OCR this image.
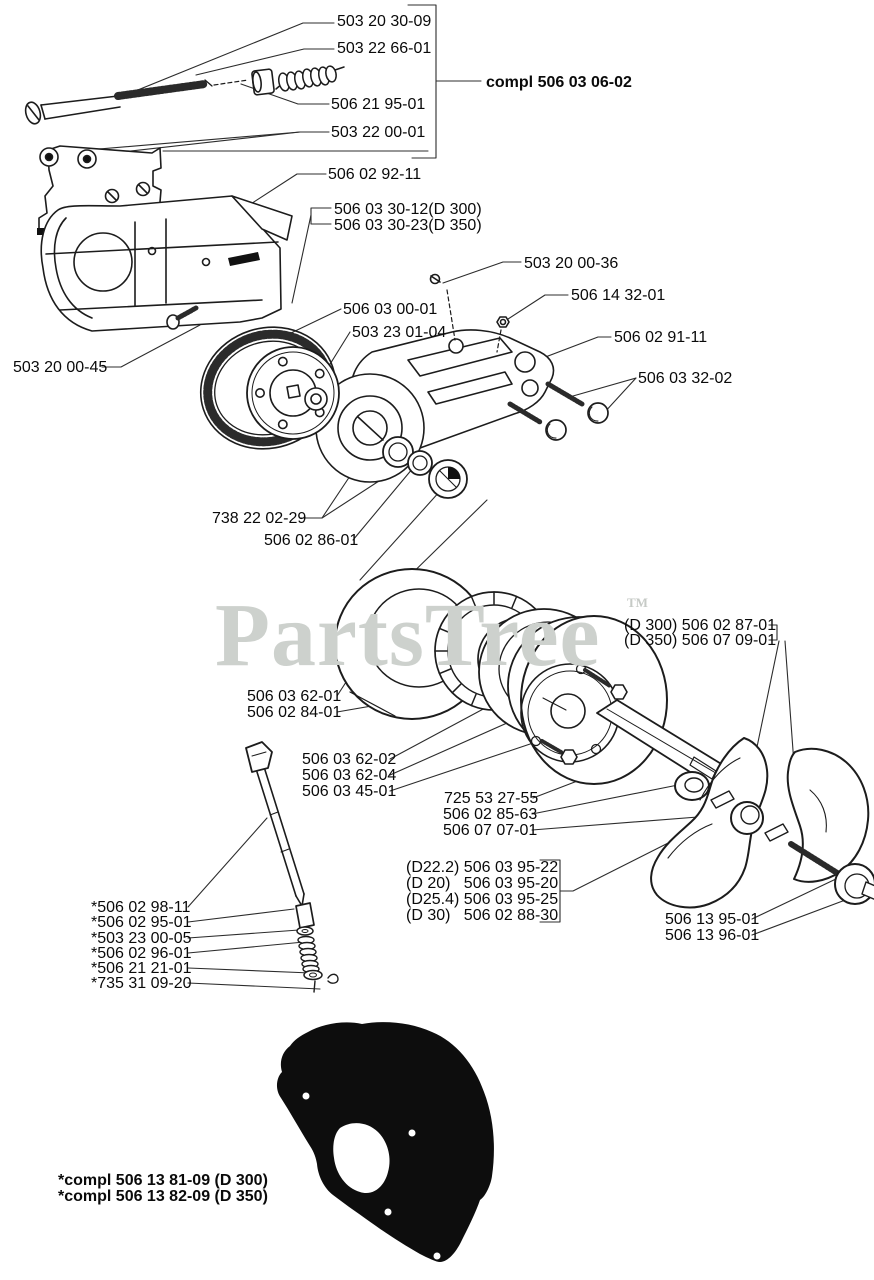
PartsTree TM
503 20 30-09
503 22 66-01
compl 506 03 06-02
506 21 95-01
503 22 00-01
506 02 92-11
506 03 30-12(D 300)
506 03 30-23(D 350)
503 20 00-36
506 14 32-01
506 02 91-11
506 03 32-02
506 03 00-01
503 23 01-04
503 20 00-45
738 22 02-29
506 02 86-01
(D 300) 506 02 87-01
(D 350) 506 07 09-01
506 03 62-01
506 02 84-01
506 03 62-02
506 03 62-04
506 03 45-01	725 53 27-55
506 02 85-63
506 07 07-01
(D22.2) 506 03 95-22
(D 20)   506 03 95-20
(D25.4) 506 03 95-25
(D 30)   506 02 88-30	506 13 95-01
506 13 96-01
*506 02 98-11
*506 02 95-01
*503 23 00-05
*506 02 96-01
*506 21 21-01
*735 31 09-20
*compl 506 13 81-09 (D 300)
*compl 506 13 82-09 (D 350)
